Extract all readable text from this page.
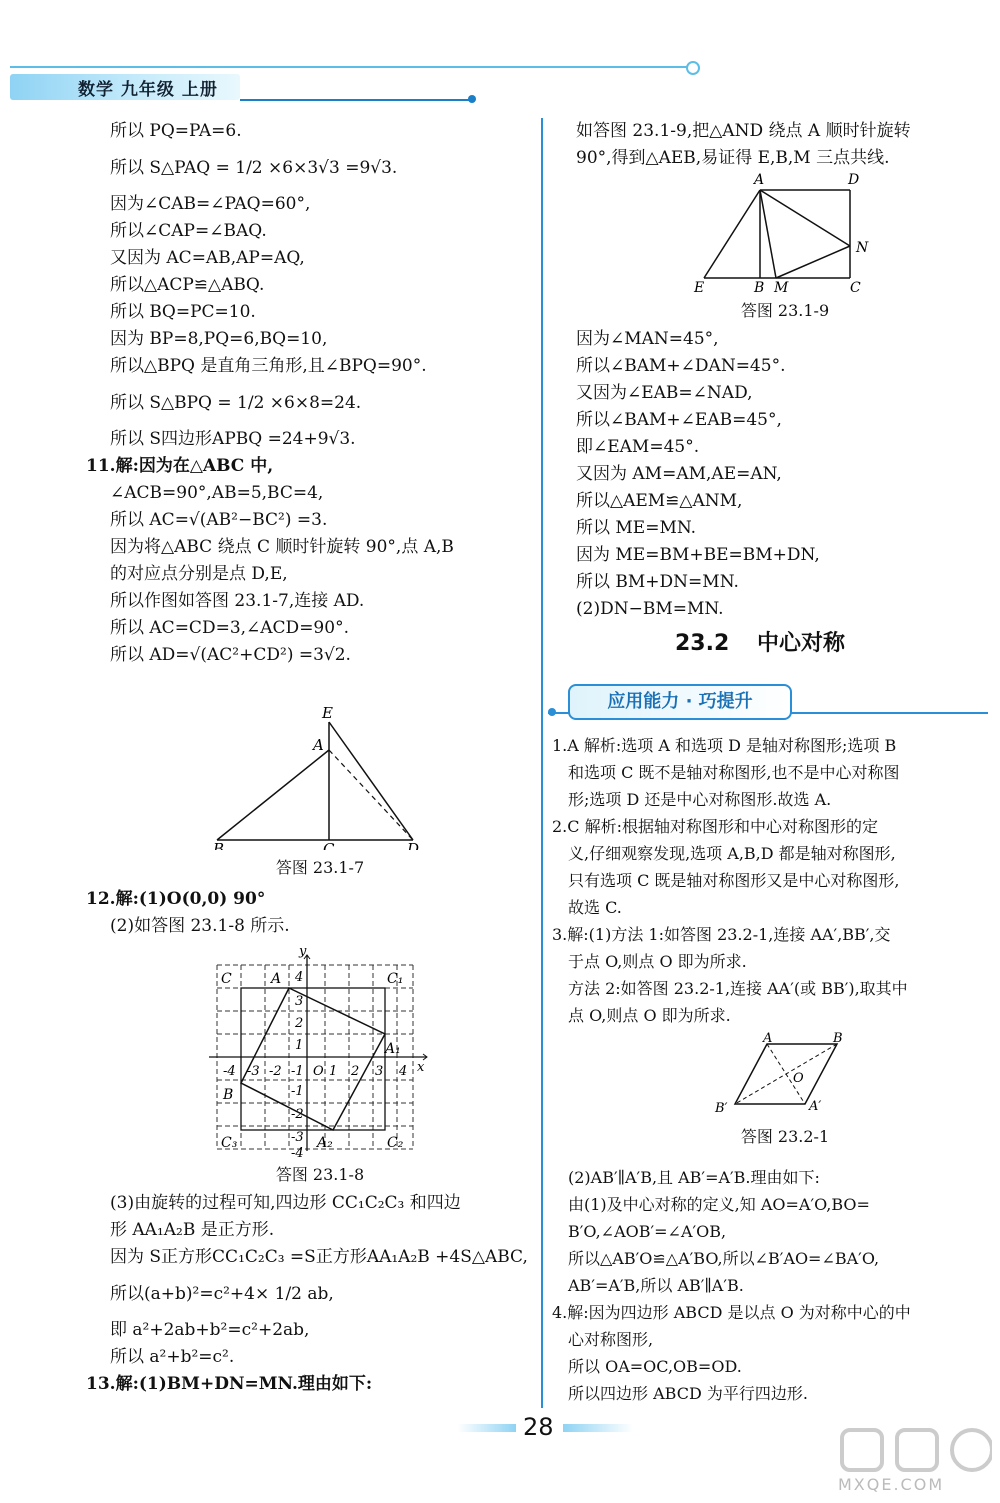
数学 九年级 上册
所以 PQ=PA=6.
所以 S△PAQ = 1/2 ×6×3√3 =9√3.
因为∠CAB=∠PAQ=60°,
所以∠CAP=∠BAQ.
又因为 AC=AB,AP=AQ,
所以△ACP≌△ABQ.
所以 BQ=PC=10.
因为 BP=8,PQ=6,BQ=10,
所以△BPQ 是直角三角形,且∠BPQ=90°.
所以 S△BPQ = 1/2 ×6×8=24.
所以 S四边形APBQ =24+9√3.
11.解:因为在△ABC 中,
∠ACB=90°,AB=5,BC=4,
所以 AC=√(AB²−BC²) =3.
因为将△ABC 绕点 C 顺时针旋转 90°,点 A,B
的对应点分别是点 D,E,
所以作图如答图 23.1-7,连接 AD.
所以 AC=CD=3,∠ACD=90°.
所以 AD=√(AC²+CD²) =3√2.
E
A
B	C	D
答图 23.1-7
12.解:(1)O(0,0) 90°
(2)如答图 23.1-8 所示.
y
x
C	A	C₁
B
A₁
C₃	A₂	C₂
O
4
3
2
1
-1
-2
-3
-4
-4 -3 -2 -1 1 2 3 4
答图 23.1-8
(3)由旋转的过程可知,四边形 CC₁C₂C₃ 和四边
形 AA₁A₂B 是正方形.
因为 S正方形CC₁C₂C₃ =S正方形AA₁A₂B +4S△ABC,
所以(a+b)²=c²+4× 1/2 ab,
即 a²+2ab+b²=c²+2ab,
所以 a²+b²=c².
13.解:(1)BM+DN=MN.理由如下:
如答图 23.1-9,把△AND 绕点 A 顺时针旋转
90°,得到△AEB,易证得 E,B,M 三点共线.
A	D
N
E	B M	C
答图 23.1-9
因为∠MAN=45°,
所以∠BAM+∠DAN=45°.
又因为∠EAB=∠NAD,
所以∠BAM+∠EAB=45°,
即∠EAM=45°.
又因为 AM=AM,AE=AN,
所以△AEM≌△ANM,
所以 ME=MN.
因为 ME=BM+BE=BM+DN,
所以 BM+DN=MN.
(2)DN−BM=MN.
23.2 中心对称
应用能力 · 巧提升
1.A 解析:选项 A 和选项 D 是轴对称图形;选项 B
和选项 C 既不是轴对称图形,也不是中心对称图
形;选项 D 还是中心对称图形.故选 A.
2.C 解析:根据轴对称图形和中心对称图形的定
义,仔细观察发现,选项 A,B,D 都是轴对称图形,
只有选项 C 既是轴对称图形又是中心对称图形,
故选 C.
3.解:(1)方法 1:如答图 23.2-1,连接 AA′,BB′,交
于点 O,则点 O 即为所求.
方法 2:如答图 23.2-1,连接 AA′(或 BB′),取其中
点 O,则点 O 即为所求.
A	B
O
B′	A′
答图 23.2-1
(2)AB′∥A′B,且 AB′=A′B.理由如下:
由(1)及中心对称的定义,知 AO=A′O,BO=
B′O,∠AOB′=∠A′OB,
所以△AB′O≌△A′BO,所以∠B′AO=∠BA′O,
AB′=A′B,所以 AB′∥A′B.
4.解:因为四边形 ABCD 是以点 O 为对称中心的中
心对称图形,
所以 OA=OC,OB=OD.
所以四边形 ABCD 为平行四边形.
28
MXQE.COM
